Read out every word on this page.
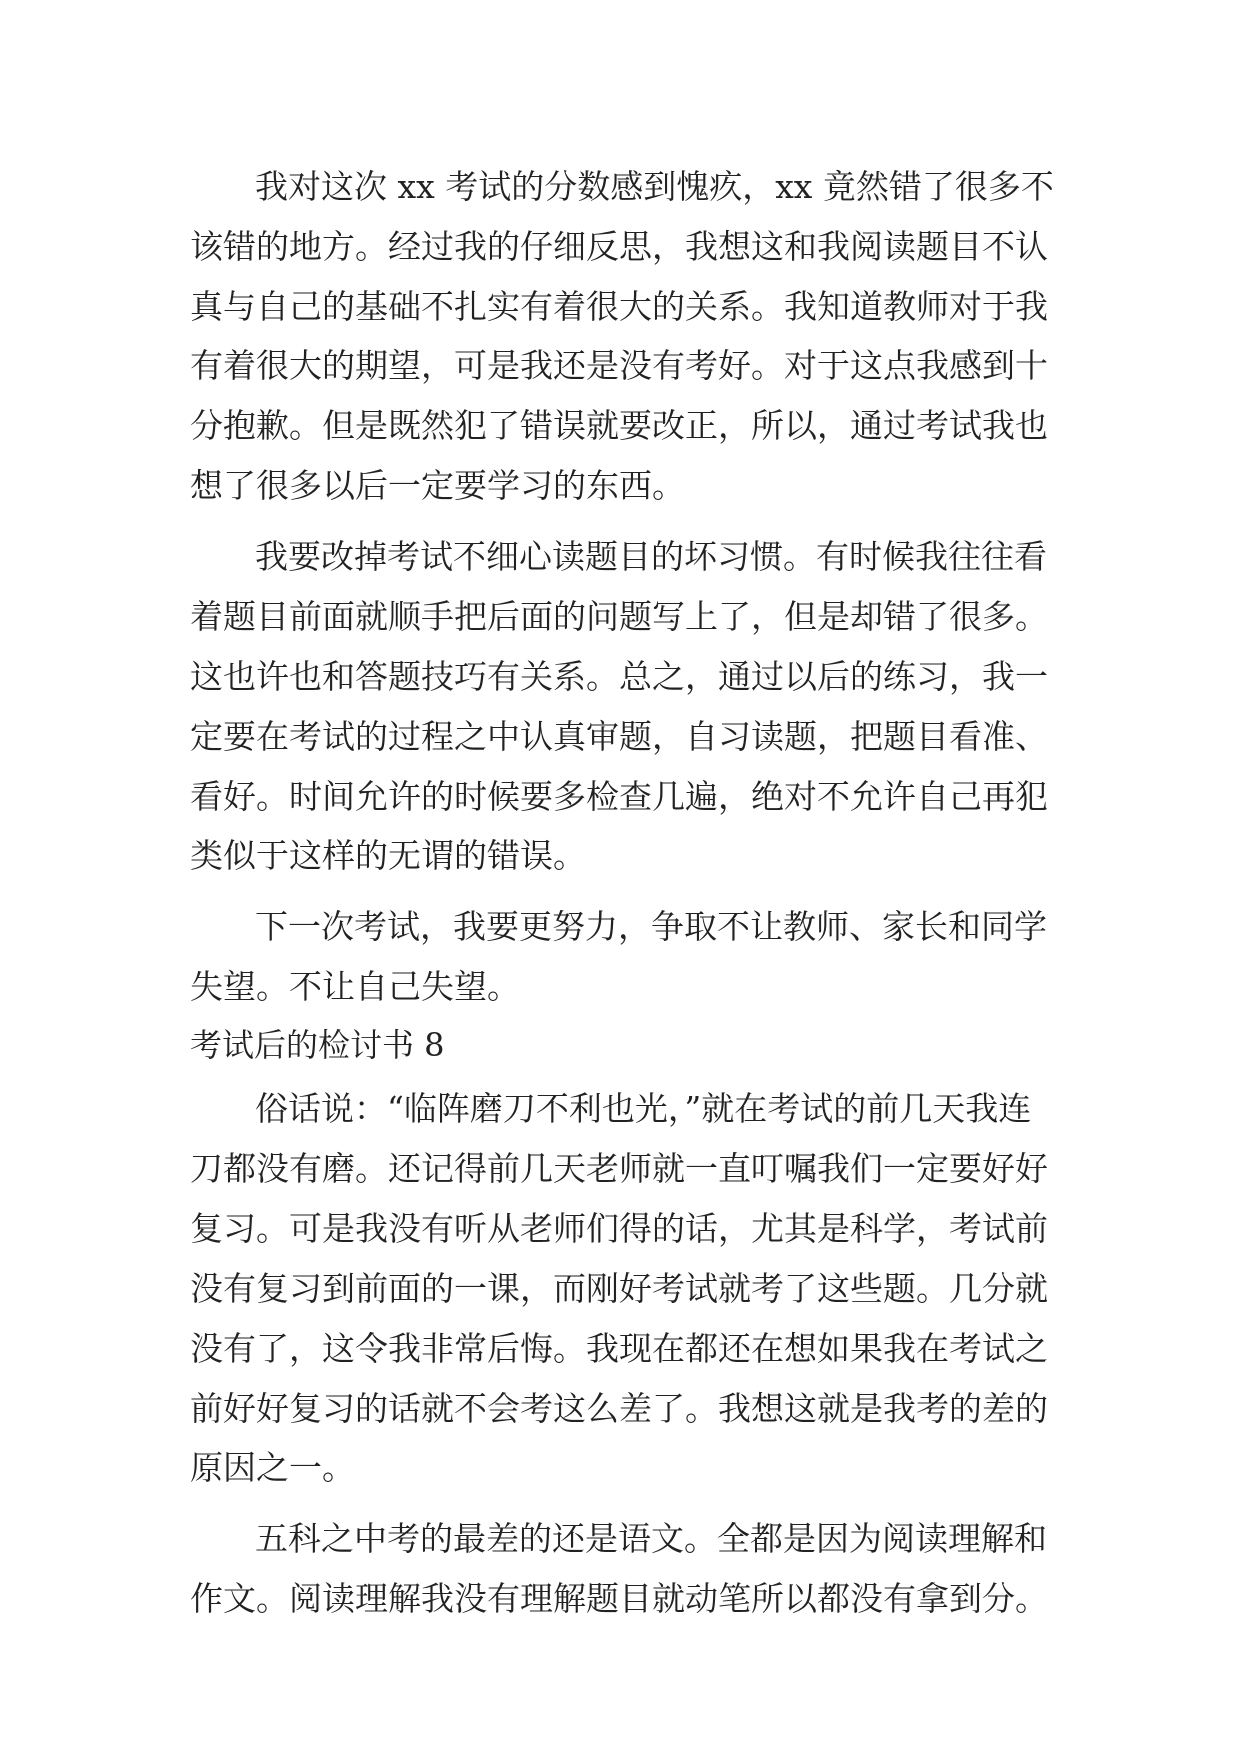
我对这次 xx 考试的分数感到愧疚，xx 竟然错了很多不
该错的地方。经过我的仔细反思，我想这和我阅读题目不认
真与自己的基础不扎实有着很大的关系。我知道教师对于我
有着很大的期望，可是我还是没有考好。对于这点我感到十
分抱歉。但是既然犯了错误就要改正，所以，通过考试我也
想了很多以后一定要学习的东西。
我要改掉考试不细心读题目的坏习惯。有时候我往往看
着题目前面就顺手把后面的问题写上了，但是却错了很多。
这也许也和答题技巧有关系。总之，通过以后的练习，我一
定要在考试的过程之中认真审题，自习读题，把题目看准、
看好。时间允许的时候要多检查几遍，绝对不允许自己再犯
类似于这样的无谓的错误。
下一次考试，我要更努力，争取不让教师、家长和同学
失望。不让自己失望。
考试后的检讨书 8
俗话说：“临阵磨刀不利也光，”就在考试的前几天我连
刀都没有磨。还记得前几天老师就一直叮嘱我们一定要好好
复习。可是我没有听从老师们得的话，尤其是科学，考试前
没有复习到前面的一课，而刚好考试就考了这些题。几分就
没有了，这令我非常后悔。我现在都还在想如果我在考试之
前好好复习的话就不会考这么差了。我想这就是我考的差的
原因之一。
五科之中考的最差的还是语文。全都是因为阅读理解和
作文。阅读理解我没有理解题目就动笔所以都没有拿到分。
